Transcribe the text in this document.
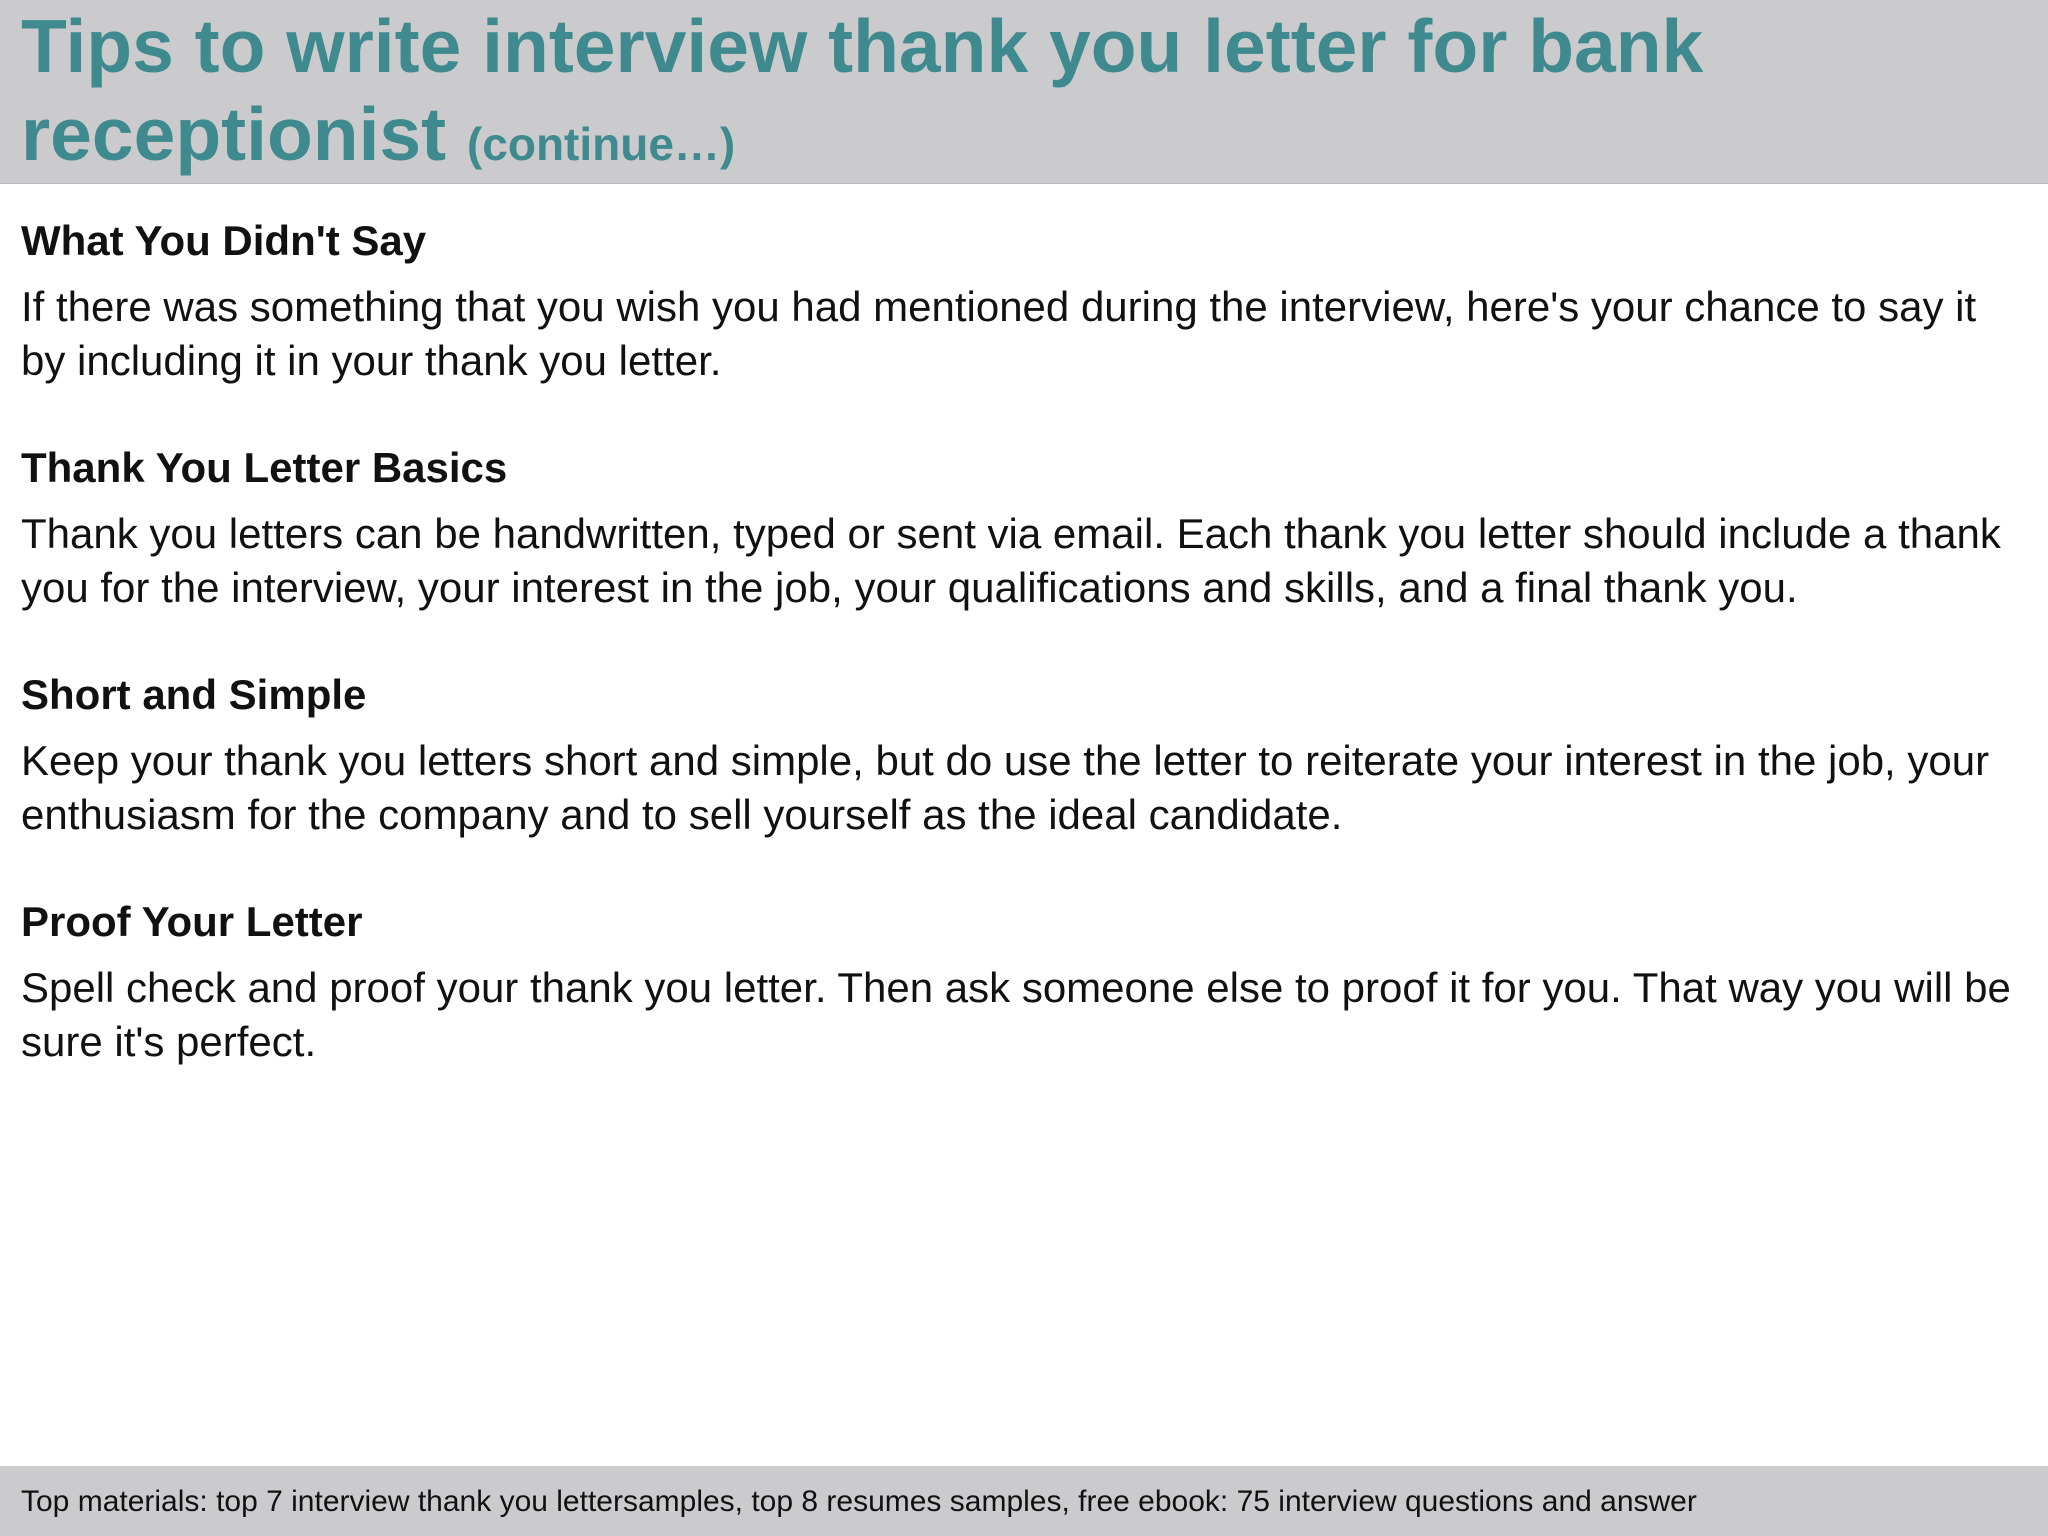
Tips to write interview thank you letter for bank receptionist (continue…)
What You Didn't Say

If there was something that you wish you had mentioned during the interview, here's your chance to say it by including it in your thank you letter.

Thank You Letter Basics

Thank you letters can be handwritten, typed or sent via email. Each thank you letter should include a thank you for the interview, your interest in the job, your qualifications and skills, and a final thank you.

Short and Simple

Keep your thank you letters short and simple, but do use the letter to reiterate your interest in the job, your enthusiasm for the company and to sell yourself as the ideal candidate.

Proof Your Letter

Spell check and proof your thank you letter. Then ask someone else to proof it for you. That way you will be sure it's perfect.

Top materials: top 7 interview thank you lettersamples, top 8 resumes samples, free ebook: 75 interview questions and answer
